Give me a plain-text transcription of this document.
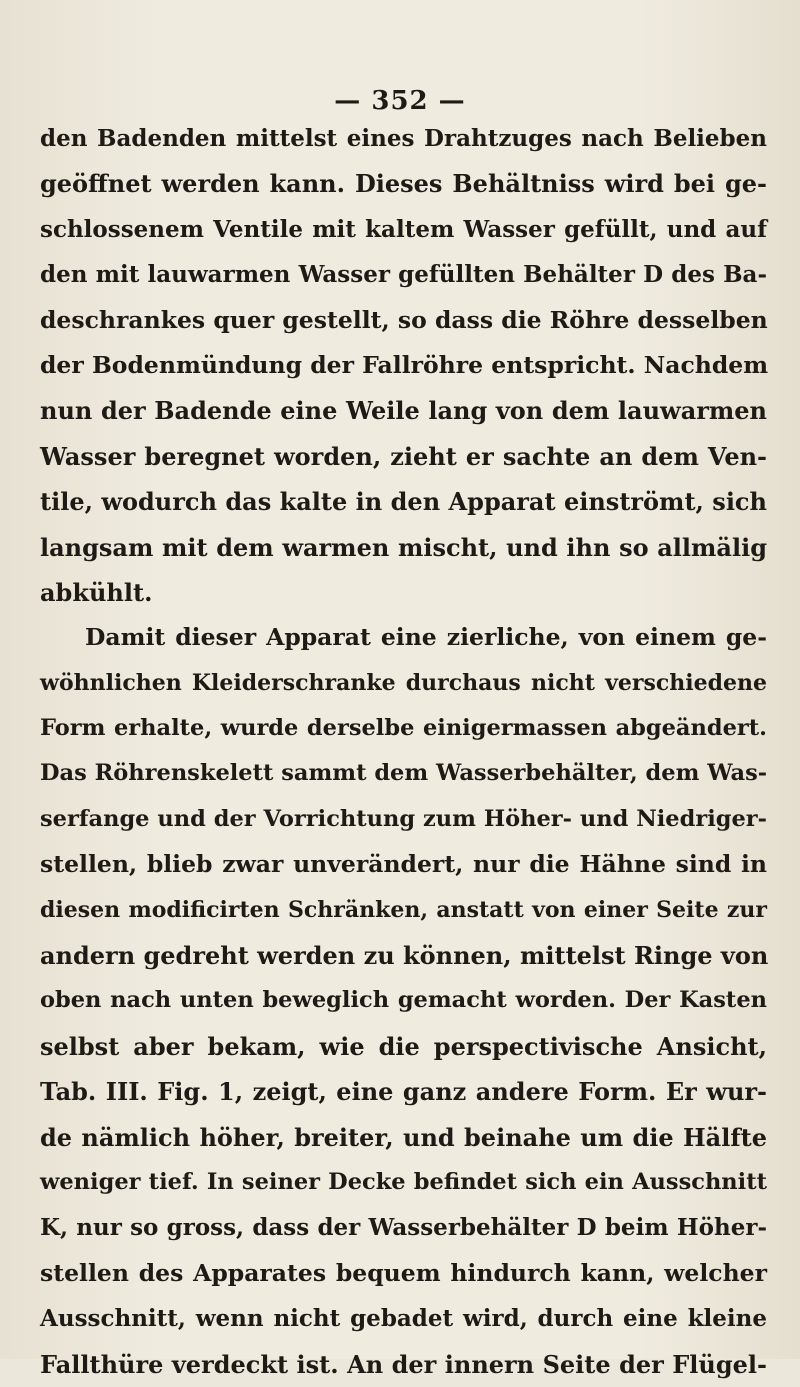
— 352 —
den Badenden mittelst eines Drahtzuges nach Belieben
geöffnet werden kann. Dieses Behältniss wird bei ge-
schlossenem Ventile mit kaltem Wasser gefüllt, und auf
den mit lauwarmen Wasser gefüllten Behälter D des Ba-
deschrankes quer gestellt, so dass die Röhre desselben
der Bodenmündung der Fallröhre entspricht. Nachdem
nun der Badende eine Weile lang von dem lauwarmen
Wasser beregnet worden, zieht er sachte an dem Ven-
tile, wodurch das kalte in den Apparat einströmt, sich
langsam mit dem warmen mischt, und ihn so allmälig
abkühlt.
Damit dieser Apparat eine zierliche, von einem ge-
wöhnlichen Kleiderschranke durchaus nicht verschiedene
Form erhalte, wurde derselbe einigermassen abgeändert.
Das Röhrenskelett sammt dem Wasserbehälter, dem Was-
serfange und der Vorrichtung zum Höher- und Niedriger-
stellen, blieb zwar unverändert, nur die Hähne sind in
diesen modificirten Schränken, anstatt von einer Seite zur
andern gedreht werden zu können, mittelst Ringe von
oben nach unten beweglich gemacht worden. Der Kasten
selbst aber bekam, wie die perspectivische Ansicht,
Tab. III. Fig. 1, zeigt, eine ganz andere Form. Er wur-
de nämlich höher, breiter, und beinahe um die Hälfte
weniger tief. In seiner Decke befindet sich ein Ausschnitt
K, nur so gross, dass der Wasserbehälter D beim Höher-
stellen des Apparates bequem hindurch kann, welcher
Ausschnitt, wenn nicht gebadet wird, durch eine kleine
Fallthüre verdeckt ist. An der innern Seite der Flügel-
